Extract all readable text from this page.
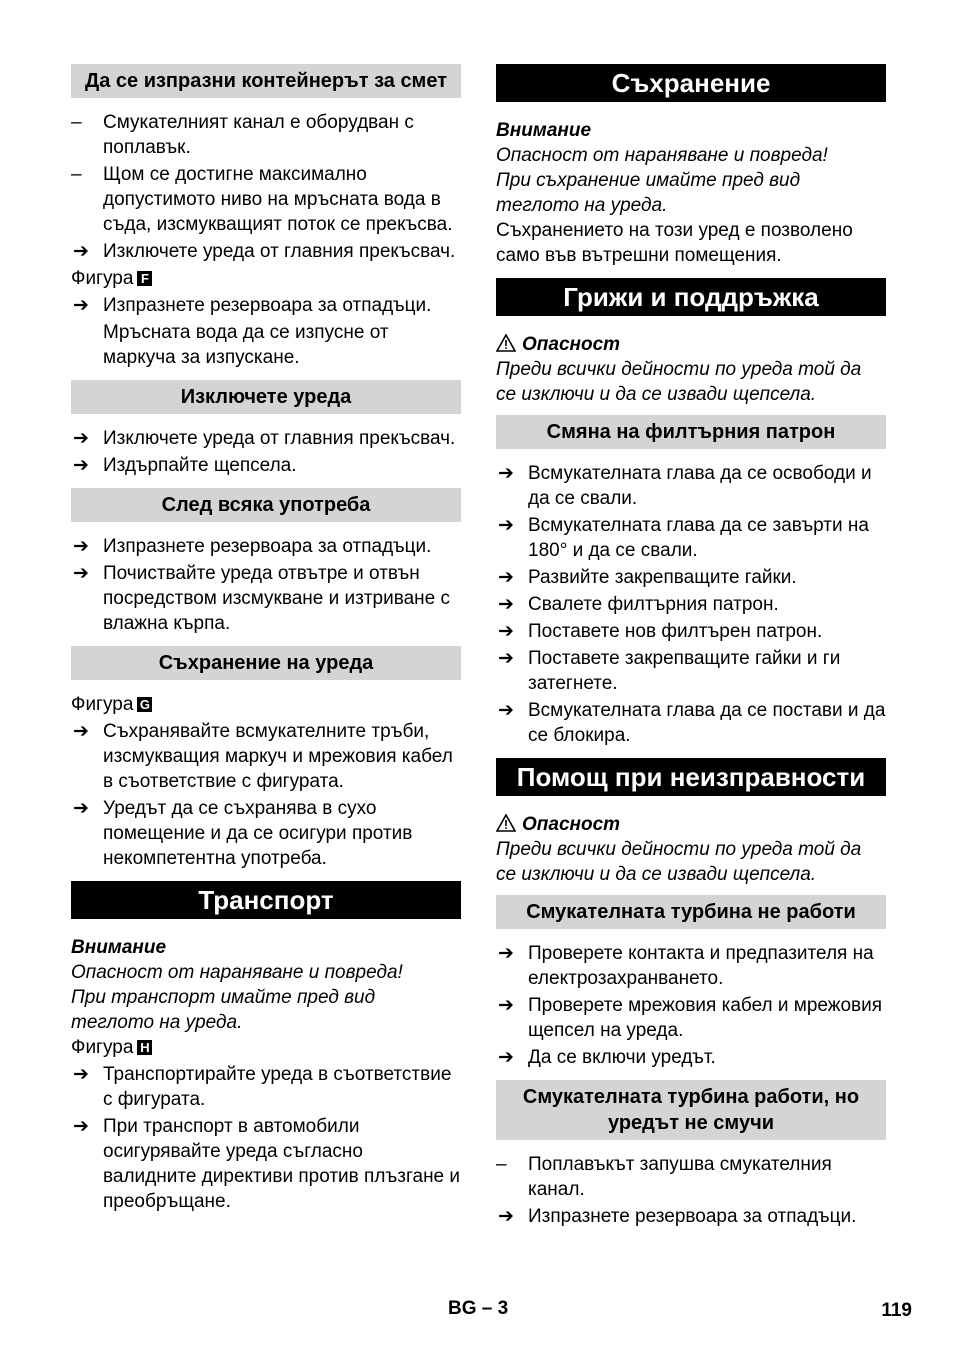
Да се изпразни контейнерът за смет
–	Смукателният канал е оборудван с поплавък.
–	Щом се достигне максимално допустимото ниво на мръсната вода в съда, изсмукващият поток се прекъсва.
➔ Изключете уреда от главния прекъсвач.
Фигура F
➔ Изпразнете резервоара за отпадъци.
Мръсната вода да се изпусне от маркуча за изпускане.
Изключете уреда
➔ Изключете уреда от главния прекъсвач.
➔ Издърпайте щепсела.
След всяка употреба
➔ Изпразнете резервоара за отпадъци.
➔ Почиствайте уреда отвътре и отвън посредством изсмукване и изтриване с влажна кърпа.
Съхранение на уреда
Фигура G
➔ Съхранявайте всмукателните тръби, изсмукващия маркуч и мрежовия кабел в съответствие с фигурата.
➔ Уредът да се съхранява в сухо помещение и да се осигури против некомпетентна употреба.
Транспорт
Внимание
Опасност от нараняване и повреда!
При транспорт имайте пред вид теглото на уреда.
Фигура H
➔ Транспортирайте уреда в съответствие с фигурата.
➔ При транспорт в автомобили осигурявайте уреда съгласно валидните директиви против плъзгане и преобръщане.
Съхранение
Внимание
Опасност от нараняване и повреда!
При съхранение имайте пред вид теглото на уреда.
Съхранението на този уред е позволено само във вътрешни помещения.
Грижи и поддръжка
Опасност
Преди всички дейности по уреда той да се изключи и да се извади щепсела.
Смяна на филтърния патрон
➔ Всмукателната глава да се освободи и да се свали.
➔ Всмукателната глава да се завърти на 180° и да се свали.
➔ Развийте закрепващите гайки.
➔ Свалете филтърния патрон.
➔ Поставете нов филтърен патрон.
➔ Поставете закрепващите гайки и ги затегнете.
➔ Всмукателната глава да се постави и да се блокира.
Помощ при неизправности
Опасност
Преди всички дейности по уреда той да се изключи и да се извади щепсела.
Смукателната турбина не работи
➔ Проверете контакта и предпазителя на електрозахранването.
➔ Проверете мрежовия кабел и мрежовия щепсел на уреда.
➔ Да се включи уредът.
Смукателната турбина работи, но уредът не смучи
–	Поплавъкът запушва смукателния канал.
➔ Изпразнете резервоара за отпадъци.
BG – 3	119
